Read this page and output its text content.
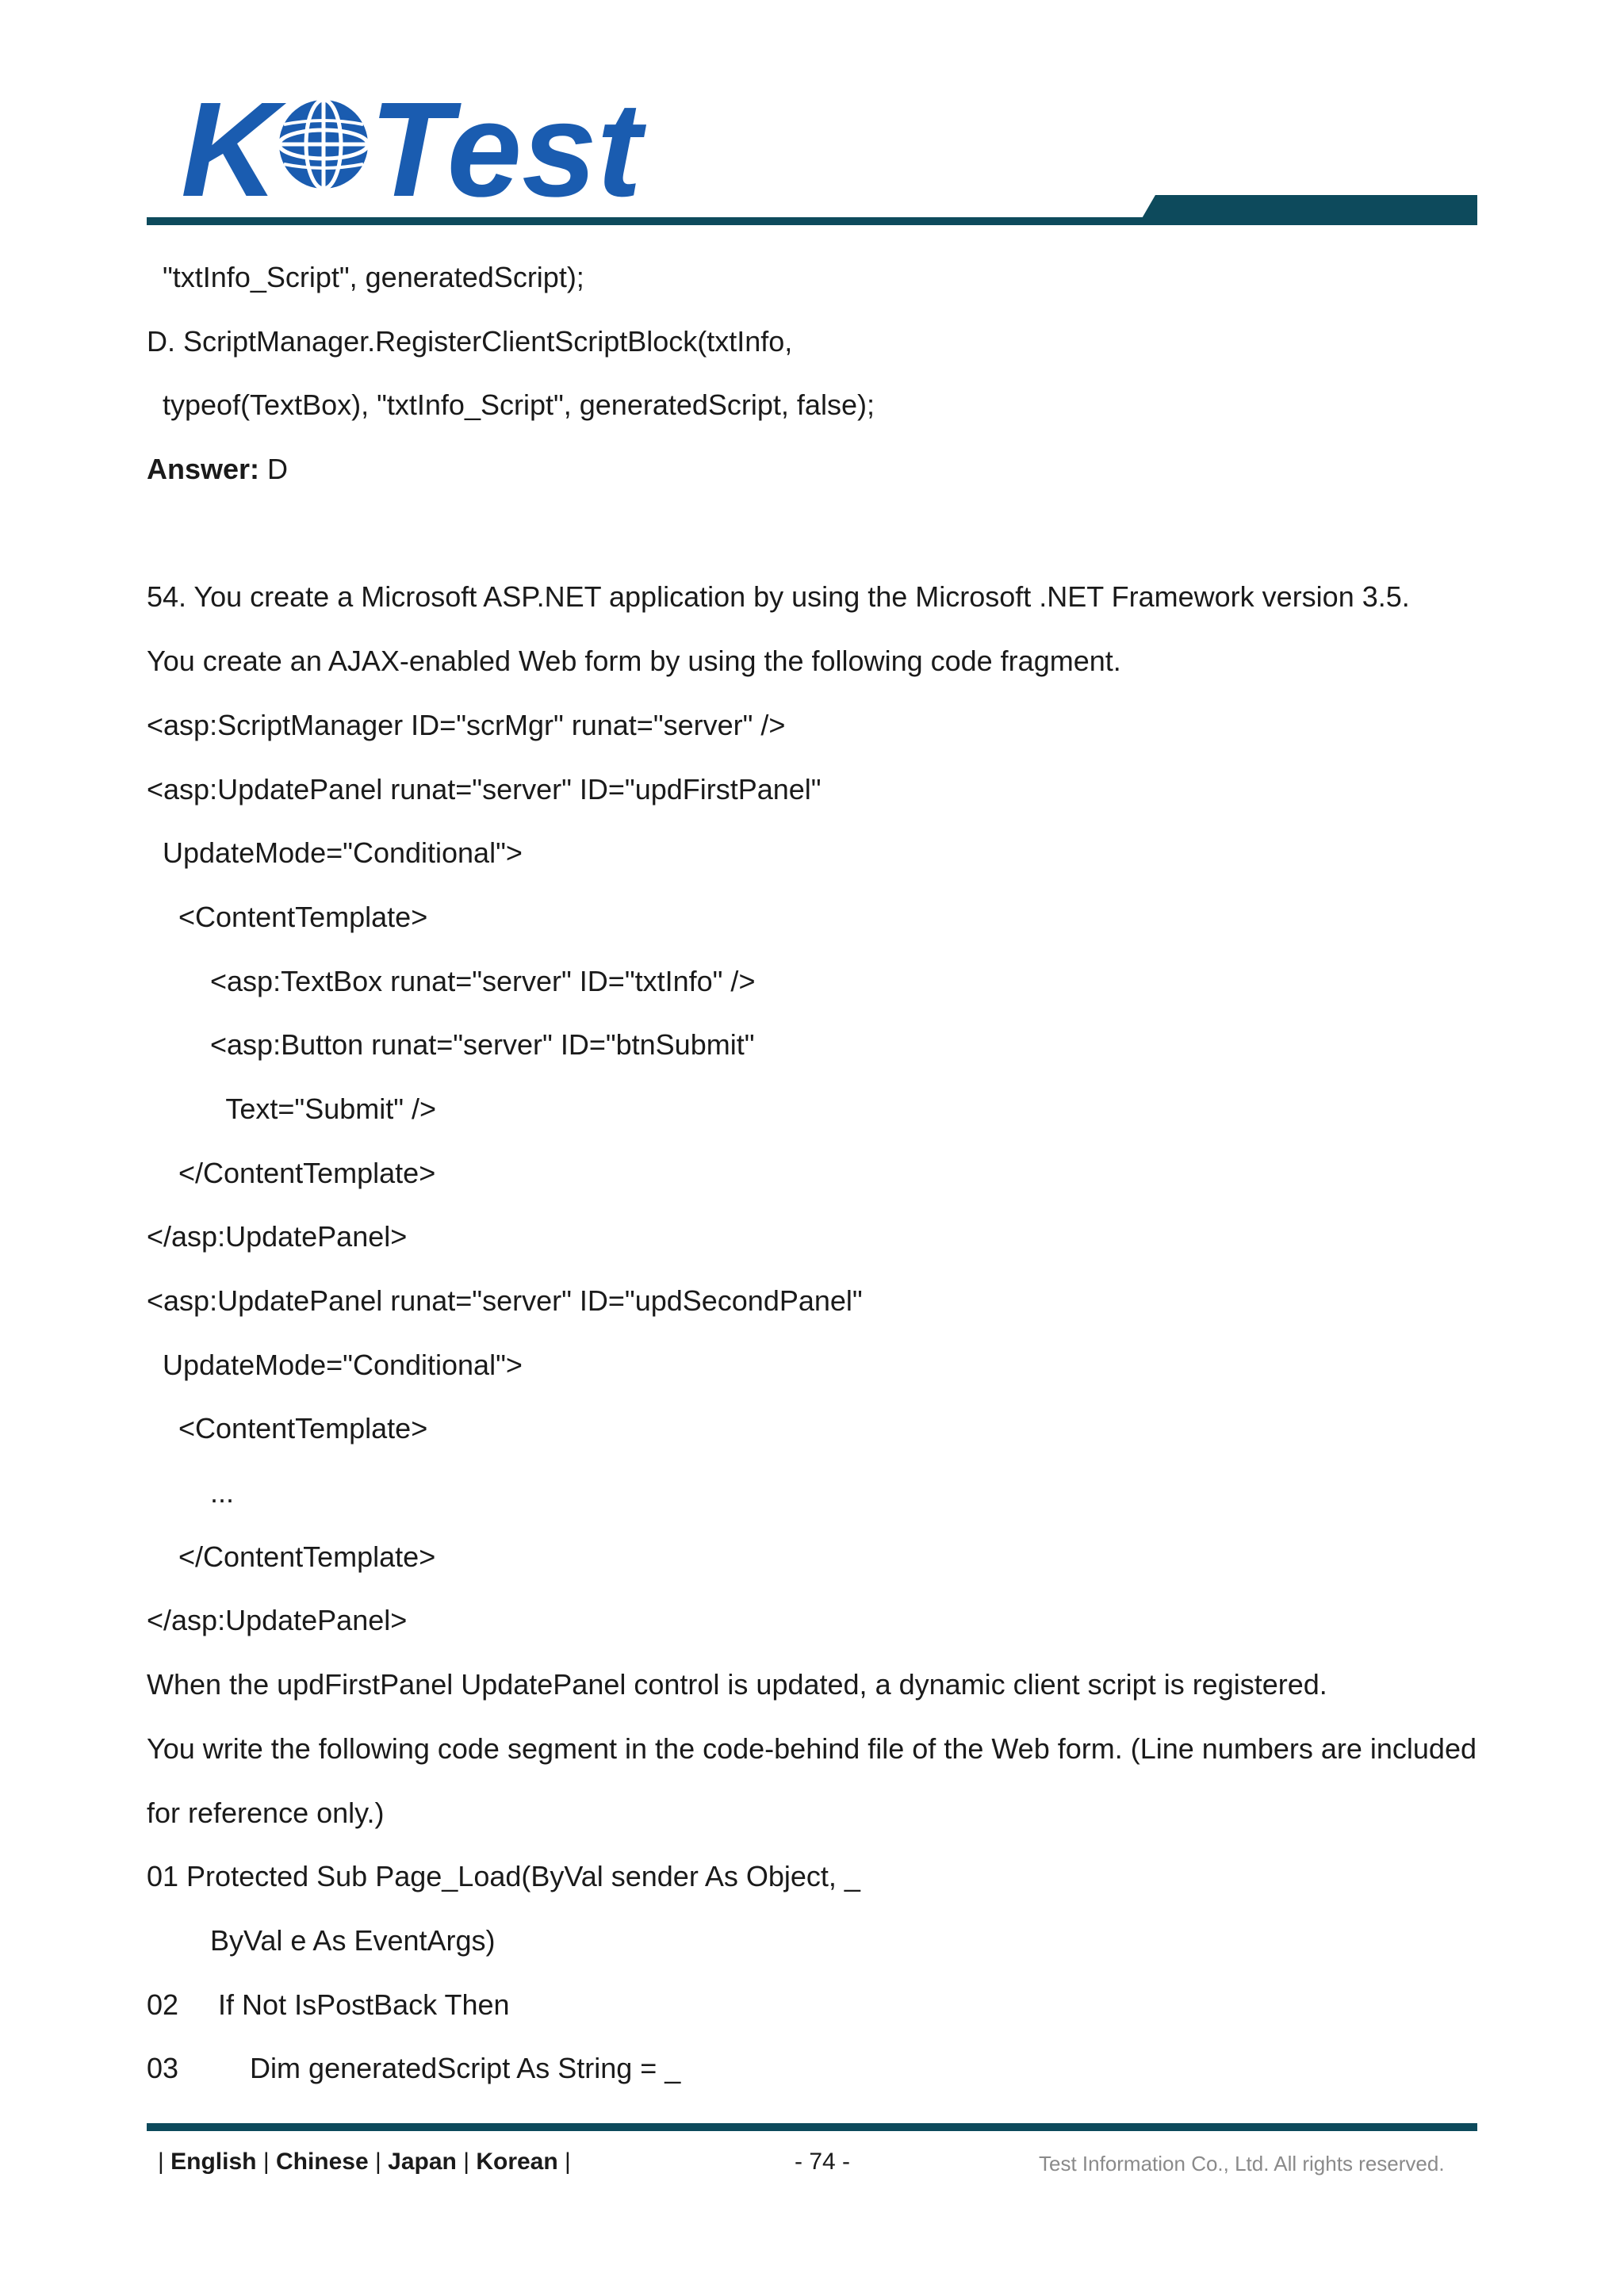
K Test
"txtInfo_Script", generatedScript);
D. ScriptManager.RegisterClientScriptBlock(txtInfo,
typeof(TextBox), "txtInfo_Script", generatedScript, false);
Answer: D
54. You create a Microsoft ASP.NET application by using the Microsoft .NET Framework version 3.5.
You create an AJAX-enabled Web form by using the following code fragment.
<asp:ScriptManager ID="scrMgr" runat="server" />
<asp:UpdatePanel runat="server" ID="updFirstPanel"
UpdateMode="Conditional">
<ContentTemplate>
<asp:TextBox runat="server" ID="txtInfo" />
<asp:Button runat="server" ID="btnSubmit"
Text="Submit" />
</ContentTemplate>
</asp:UpdatePanel>
<asp:UpdatePanel runat="server" ID="updSecondPanel"
UpdateMode="Conditional">
<ContentTemplate>
...
</ContentTemplate>
</asp:UpdatePanel>
When the updFirstPanel UpdatePanel control is updated, a dynamic client script is registered.
You write the following code segment in the code-behind file of the Web form. (Line numbers are included
for reference only.)
01 Protected Sub Page_Load(ByVal sender As Object, _
ByVal e As EventArgs)
02     If Not IsPostBack Then
03         Dim generatedScript As String = _
| English | Chinese | Japan | Korean |	- 74 -	Test Information Co., Ltd. All rights reserved.
